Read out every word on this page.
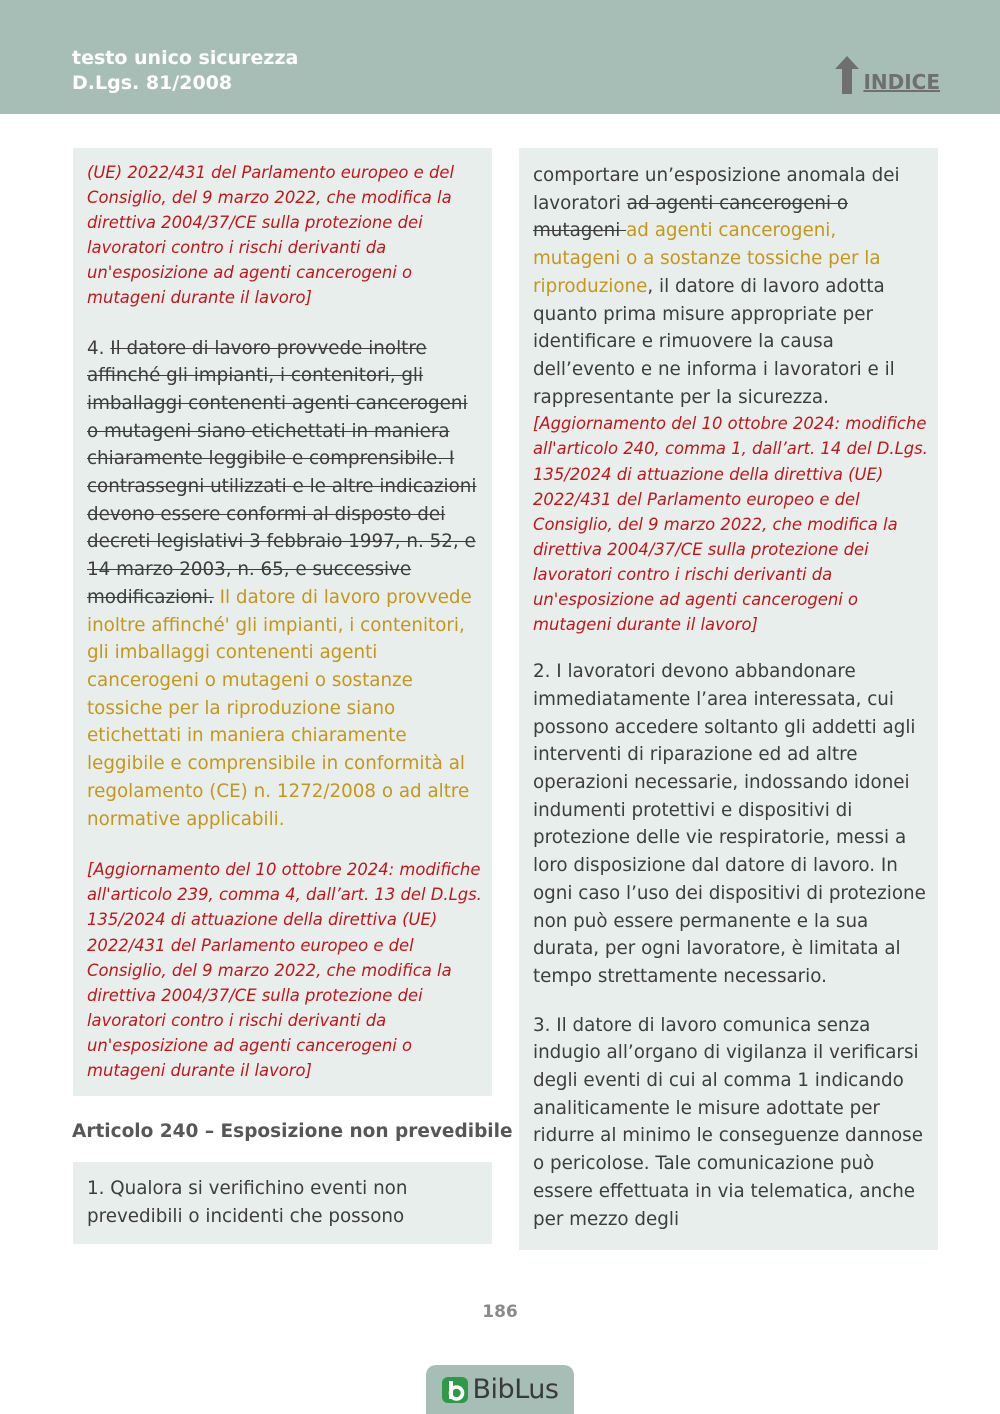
testo unico sicurezza
D.Lgs. 81/2008	INDICE

(UE) 2022/431 del Parlamento europeo e del Consiglio, del 9 marzo 2022, che modifica la direttiva 2004/37/CE sulla protezione dei lavoratori contro i rischi derivanti da un'esposizione ad agenti cancerogeni o mutageni durante il lavoro]

4. Il datore di lavoro provvede inoltre affinché gli impianti, i contenitori, gli imballaggi contenenti agenti cancerogeni o mutageni siano etichettati in maniera chiaramente leggibile e comprensibile. I contrassegni utilizzati e le altre indicazioni devono essere conformi al disposto dei decreti legislativi 3 febbraio 1997, n. 52, e 14 marzo 2003, n. 65, e successive modificazioni. Il datore di lavoro provvede inoltre affinché' gli impianti, i contenitori, gli imballaggi contenenti agenti cancerogeni o mutageni o sostanze tossiche per la riproduzione siano etichettati in maniera chiaramente leggibile e comprensibile in conformità al regolamento (CE) n. 1272/2008 o ad altre normative applicabili.

[Aggiornamento del 10 ottobre 2024: modifiche all'articolo 239, comma 4, dall’art. 13 del D.Lgs. 135/2024 di attuazione della direttiva (UE) 2022/431 del Parlamento europeo e del Consiglio, del 9 marzo 2022, che modifica la direttiva 2004/37/CE sulla protezione dei lavoratori contro i rischi derivanti da un'esposizione ad agenti cancerogeni o mutageni durante il lavoro]

Articolo 240 – Esposizione non prevedibile

1. Qualora si verifichino eventi non prevedibili o incidenti che possono

comportare un’esposizione anomala dei lavoratori ad agenti cancerogeni o mutageni ad agenti cancerogeni, mutageni o a sostanze tossiche per la riproduzione, il datore di lavoro adotta quanto prima misure appropriate per identificare e rimuovere la causa dell’evento e ne informa i lavoratori e il rappresentante per la sicurezza.

[Aggiornamento del 10 ottobre 2024: modifiche all'articolo 240, comma 1, dall’art. 14 del D.Lgs. 135/2024 di attuazione della direttiva (UE) 2022/431 del Parlamento europeo e del Consiglio, del 9 marzo 2022, che modifica la direttiva 2004/37/CE sulla protezione dei lavoratori contro i rischi derivanti da un'esposizione ad agenti cancerogeni o mutageni durante il lavoro]

2. I lavoratori devono abbandonare immediatamente l’area interessata, cui possono accedere soltanto gli addetti agli interventi di riparazione ed ad altre operazioni necessarie, indossando idonei indumenti protettivi e dispositivi di protezione delle vie respiratorie, messi a loro disposizione dal datore di lavoro. In ogni caso l’uso dei dispositivi di protezione non può essere permanente e la sua durata, per ogni lavoratore, è limitata al tempo strettamente necessario.

3. Il datore di lavoro comunica senza indugio all’organo di vigilanza il verificarsi degli eventi di cui al comma 1 indicando analiticamente le misure adottate per ridurre al minimo le conseguenze dannose o pericolose. Tale comunicazione può essere effettuata in via telematica, anche per mezzo degli

186
BibLus
